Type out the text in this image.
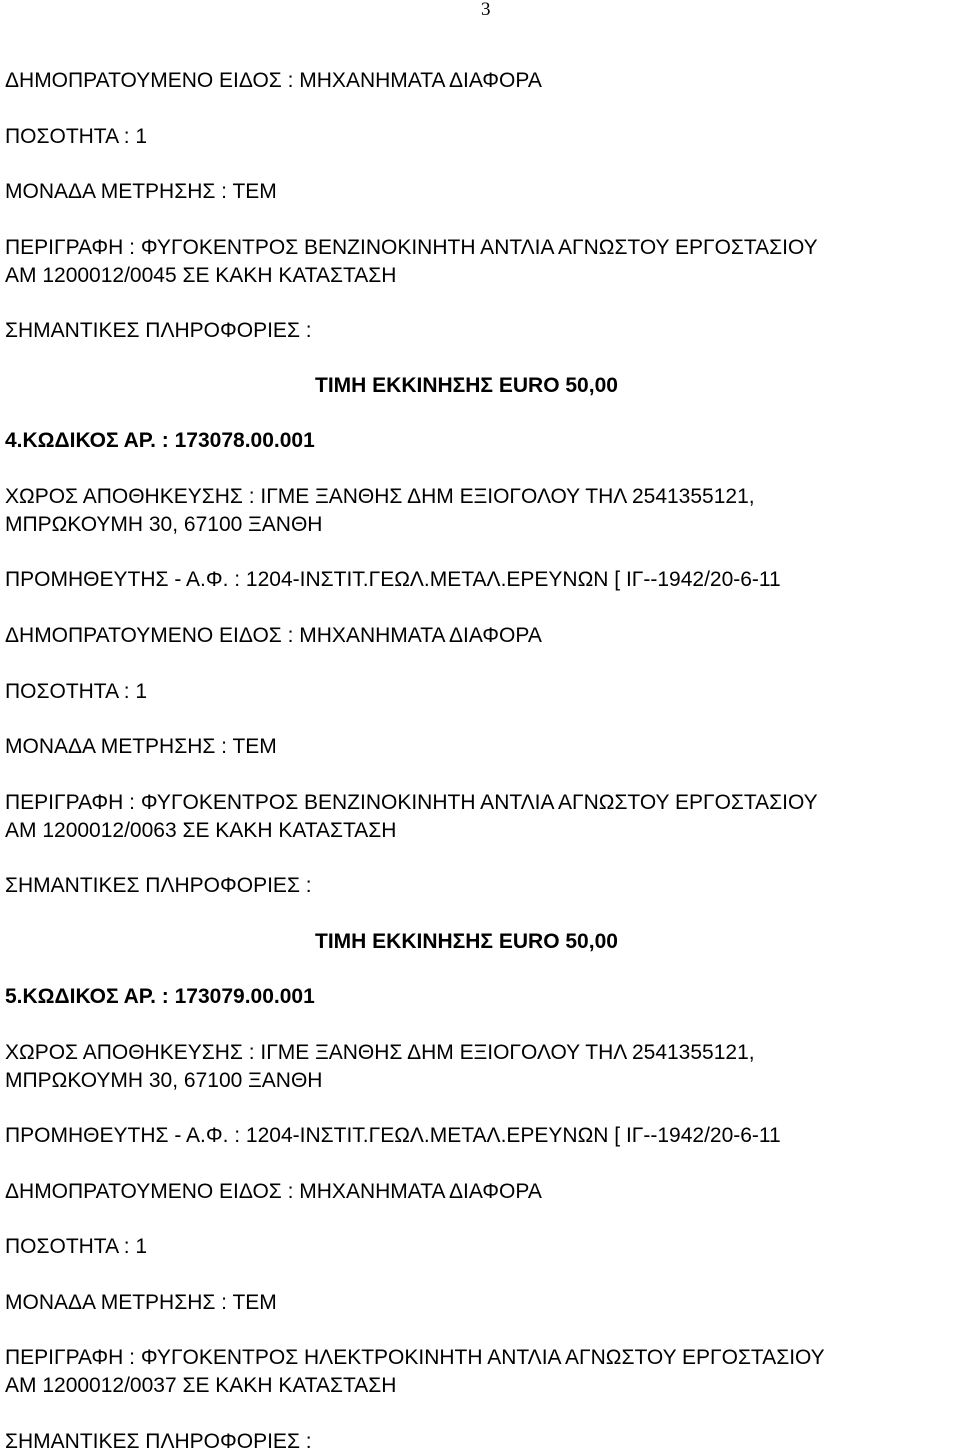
3
ΔΗΜΟΠΡΑΤΟΥΜΕΝΟ ΕΙΔΟΣ : ΜΗΧΑΝΗΜΑΤΑ ΔΙΑΦΟΡΑ
ΠΟΣΟΤΗΤΑ : 1
ΜΟΝΑΔΑ ΜΕΤΡΗΣΗΣ : ΤΕΜ
ΠΕΡΙΓΡΑΦΗ : ΦΥΓΟΚΕΝΤΡΟΣ ΒΕΝΖΙΝΟΚΙΝΗΤΗ ΑΝΤΛΙΑ ΑΓΝΩΣΤΟΥ ΕΡΓΟΣΤΑΣΙΟΥ
ΑΜ 1200012/0045 ΣΕ ΚΑΚΗ ΚΑΤΑΣΤΑΣΗ
ΣΗΜΑΝΤΙΚΕΣ ΠΛΗΡΟΦΟΡΙΕΣ :
ΤΙΜΗ ΕΚΚΙΝΗΣΗΣ EURO 50,00
4.ΚΩΔΙΚΟΣ ΑΡ. : 173078.00.001
ΧΩΡΟΣ ΑΠΟΘΗΚΕΥΣΗΣ : ΙΓΜΕ ΞΑΝΘΗΣ ΔΗΜ ΕΞΙΟΓΟΛΟΥ ΤΗΛ 2541355121,
ΜΠΡΩΚΟΥΜΗ 30, 67100 ΞΑΝΘΗ
ΠΡΟΜΗΘΕΥΤΗΣ - Α.Φ. : 1204-ΙΝΣΤΙΤ.ΓΕΩΛ.ΜΕΤΑΛ.ΕΡΕΥΝΩΝ [ ΙΓ--1942/20-6-11
ΔΗΜΟΠΡΑΤΟΥΜΕΝΟ ΕΙΔΟΣ : ΜΗΧΑΝΗΜΑΤΑ ΔΙΑΦΟΡΑ
ΠΟΣΟΤΗΤΑ : 1
ΜΟΝΑΔΑ ΜΕΤΡΗΣΗΣ : ΤΕΜ
ΠΕΡΙΓΡΑΦΗ : ΦΥΓΟΚΕΝΤΡΟΣ ΒΕΝΖΙΝΟΚΙΝΗΤΗ ΑΝΤΛΙΑ ΑΓΝΩΣΤΟΥ ΕΡΓΟΣΤΑΣΙΟΥ
ΑΜ 1200012/0063 ΣΕ ΚΑΚΗ ΚΑΤΑΣΤΑΣΗ
ΣΗΜΑΝΤΙΚΕΣ ΠΛΗΡΟΦΟΡΙΕΣ :
ΤΙΜΗ ΕΚΚΙΝΗΣΗΣ EURO 50,00
5.ΚΩΔΙΚΟΣ ΑΡ. : 173079.00.001
ΧΩΡΟΣ ΑΠΟΘΗΚΕΥΣΗΣ : ΙΓΜΕ ΞΑΝΘΗΣ ΔΗΜ ΕΞΙΟΓΟΛΟΥ ΤΗΛ 2541355121,
ΜΠΡΩΚΟΥΜΗ 30, 67100 ΞΑΝΘΗ
ΠΡΟΜΗΘΕΥΤΗΣ - Α.Φ. : 1204-ΙΝΣΤΙΤ.ΓΕΩΛ.ΜΕΤΑΛ.ΕΡΕΥΝΩΝ [ ΙΓ--1942/20-6-11
ΔΗΜΟΠΡΑΤΟΥΜΕΝΟ ΕΙΔΟΣ : ΜΗΧΑΝΗΜΑΤΑ ΔΙΑΦΟΡΑ
ΠΟΣΟΤΗΤΑ : 1
ΜΟΝΑΔΑ ΜΕΤΡΗΣΗΣ : ΤΕΜ
ΠΕΡΙΓΡΑΦΗ : ΦΥΓΟΚΕΝΤΡΟΣ ΗΛΕΚΤΡΟΚΙΝΗΤΗ ΑΝΤΛΙΑ ΑΓΝΩΣΤΟΥ ΕΡΓΟΣΤΑΣΙΟΥ
ΑΜ 1200012/0037 ΣΕ ΚΑΚΗ ΚΑΤΑΣΤΑΣΗ
ΣΗΜΑΝΤΙΚΕΣ ΠΛΗΡΟΦΟΡΙΕΣ :
